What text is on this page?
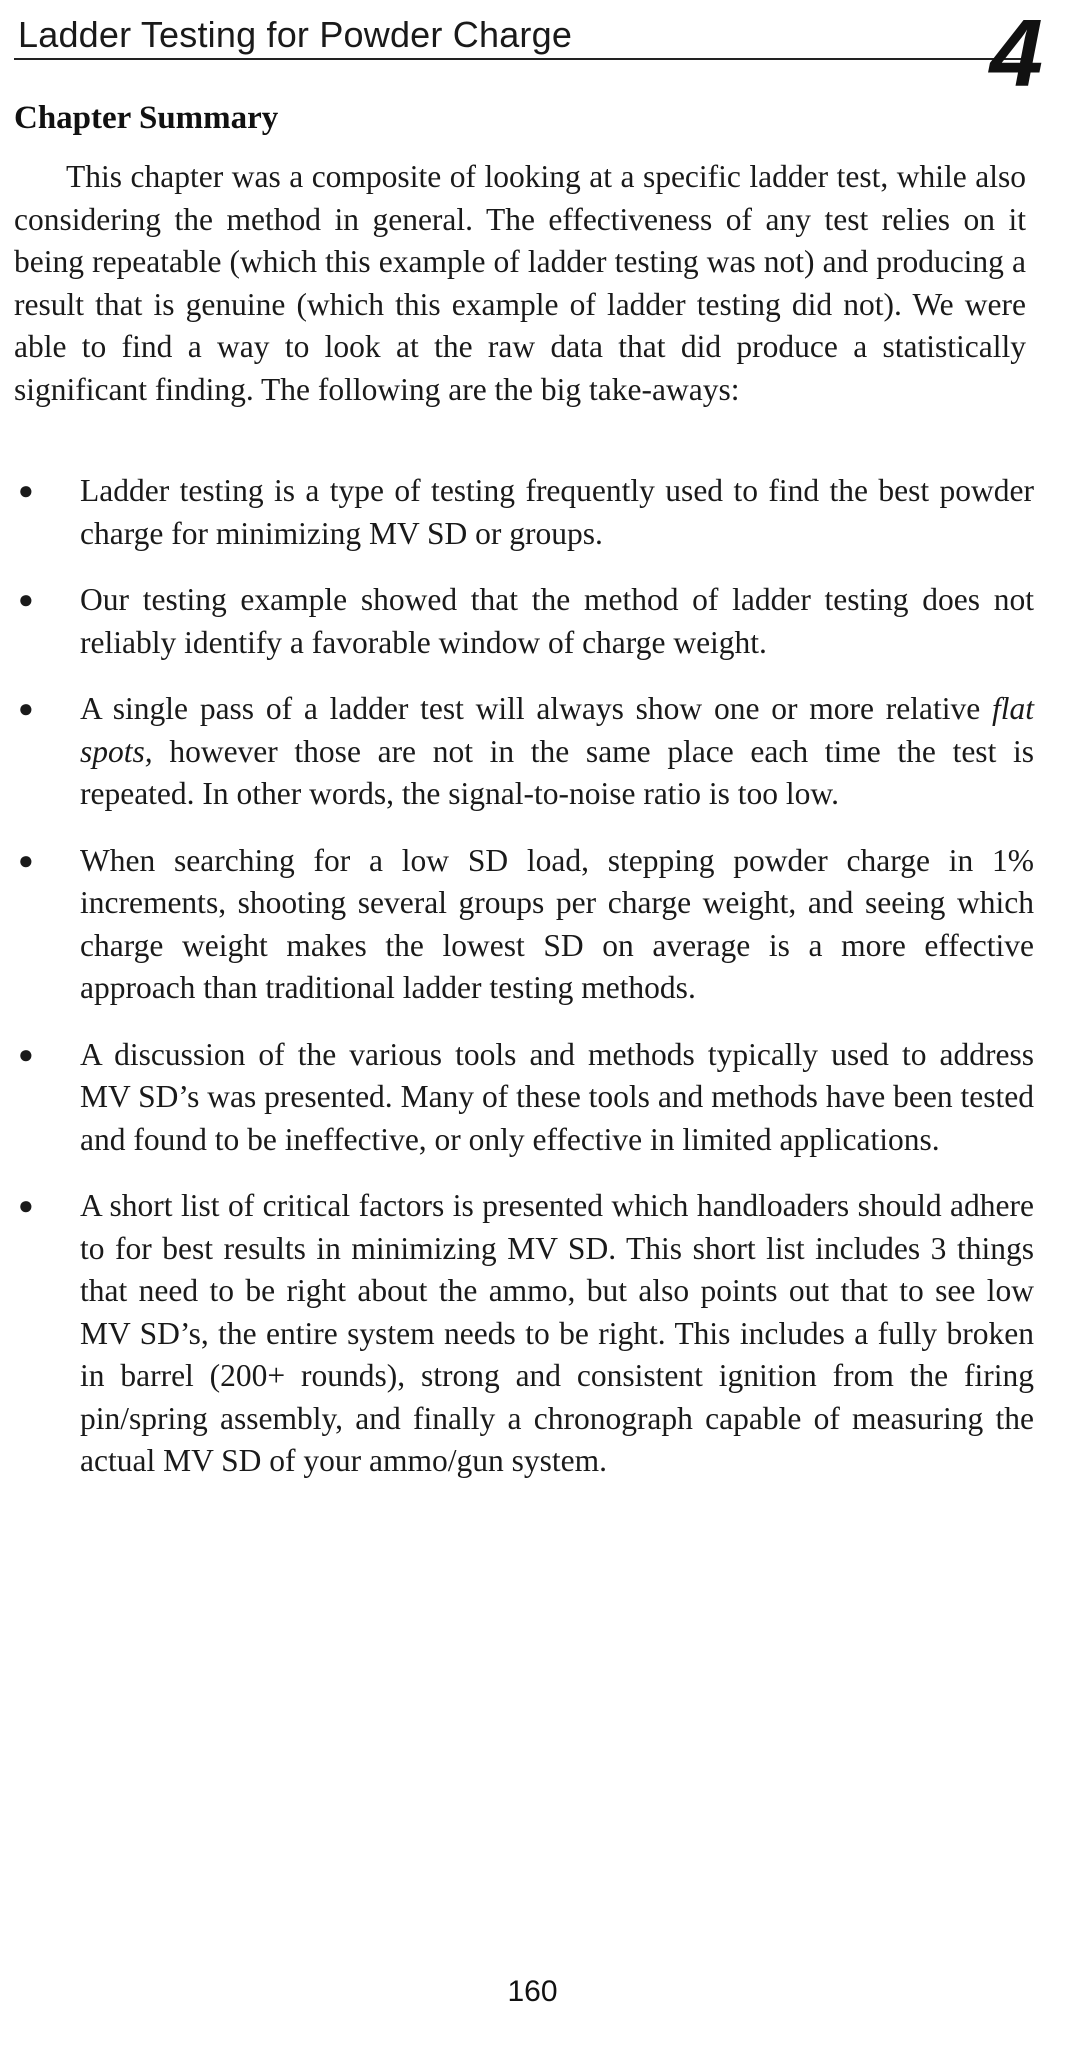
Ladder Testing for Powder Charge	4
Chapter Summary

This chapter was a composite of looking at a specific ladder test, while also considering the method in general. The effectiveness of any test relies on it being repeatable (which this example of ladder testing was not) and producing a result that is genuine (which this example of ladder testing did not). We were able to find a way to look at the raw data that did produce a statistically significant finding. The following are the big take-aways:

● Ladder testing is a type of testing frequently used to find the best powder charge for minimizing MV SD or groups.
● Our testing example showed that the method of ladder testing does not reliably identify a favorable window of charge weight.
● A single pass of a ladder test will always show one or more relative flat spots, however those are not in the same place each time the test is repeated. In other words, the signal-to-noise ratio is too low.
● When searching for a low SD load, stepping powder charge in 1% increments, shooting several groups per charge weight, and seeing which charge weight makes the lowest SD on average is a more effective approach than traditional ladder testing methods.
● A discussion of the various tools and methods typically used to address MV SD’s was presented. Many of these tools and methods have been tested and found to be ineffective, or only effective in limited applications.
● A short list of critical factors is presented which handloaders should adhere to for best results in minimizing MV SD. This short list includes 3 things that need to be right about the ammo, but also points out that to see low MV SD’s, the entire system needs to be right. This includes a fully broken in barrel (200+ rounds), strong and consistent ignition from the firing pin/spring assembly, and finally a chronograph capable of measuring the actual MV SD of your ammo/gun system.
160
